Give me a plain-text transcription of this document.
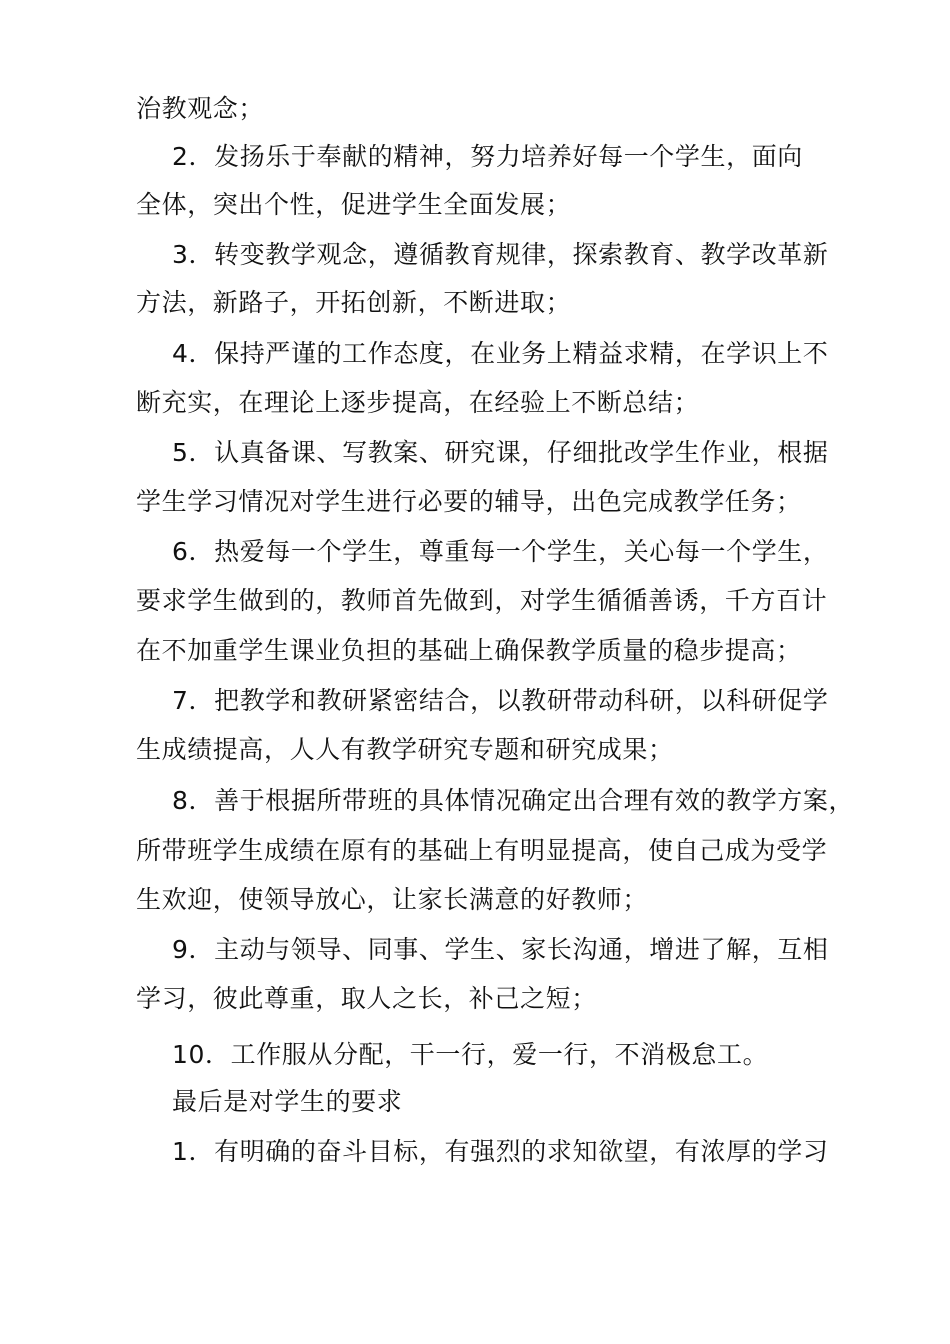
治教观念；
2．发扬乐于奉献的精神，努力培养好每一个学生，面向
全体，突出个性，促进学生全面发展；
3．转变教学观念，遵循教育规律，探索教育、教学改革新
方法，新路子，开拓创新，不断进取；
4．保持严谨的工作态度，在业务上精益求精，在学识上不
断充实，在理论上逐步提高，在经验上不断总结；
5．认真备课、写教案、研究课，仔细批改学生作业，根据
学生学习情况对学生进行必要的辅导，出色完成教学任务；
6．热爱每一个学生，尊重每一个学生，关心每一个学生，
要求学生做到的，教师首先做到，对学生循循善诱，千方百计
在不加重学生课业负担的基础上确保教学质量的稳步提高；
7．把教学和教研紧密结合，以教研带动科研，以科研促学
生成绩提高，人人有教学研究专题和研究成果；
8．善于根据所带班的具体情况确定出合理有效的教学方案，
所带班学生成绩在原有的基础上有明显提高，使自己成为受学
生欢迎，使领导放心，让家长满意的好教师；
9．主动与领导、同事、学生、家长沟通，增进了解，互相
学习，彼此尊重，取人之长，补己之短；
10．工作服从分配，干一行，爱一行，不消极怠工。
最后是对学生的要求
1．有明确的奋斗目标，有强烈的求知欲望，有浓厚的学习
